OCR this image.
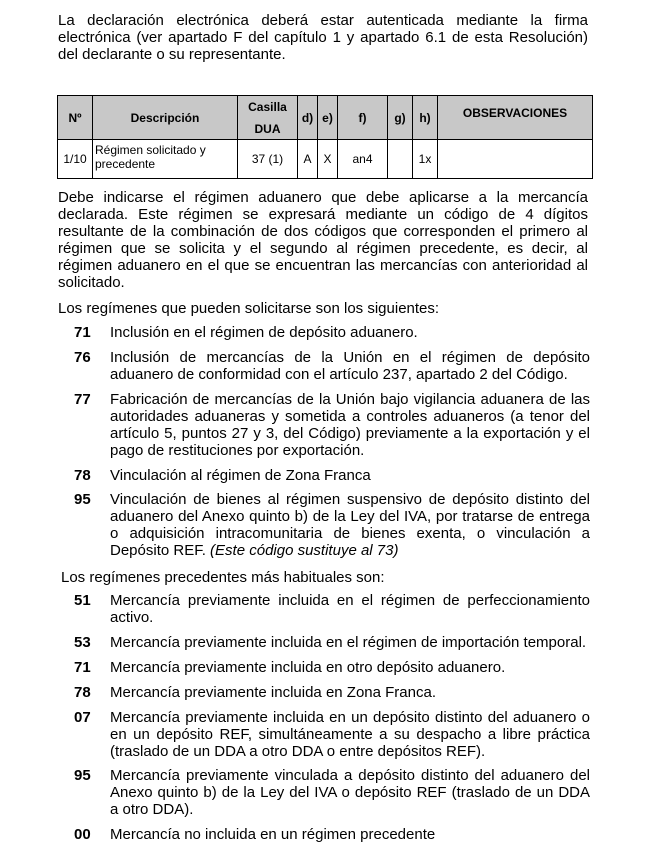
La declaración electrónica deberá estar autenticada mediante la firma
electrónica (ver apartado F del capítulo 1 y apartado 6.1 de esta Resolución)
del declarante o su representante.
Nº	Descripción	Casilla
DUA	d)	e)	f)	g)	h)	OBSERVACIONES
1/10	Régimen solicitado y
precedente	37 (1)	A	X	an4		1x	
Debe indicarse el régimen aduanero que debe aplicarse a la mercancía
declarada. Este régimen se expresará mediante un código de 4 dígitos
resultante de la combinación de dos códigos que corresponden el primero al
régimen que se solicita y el segundo al régimen precedente, es decir, al
régimen aduanero en el que se encuentran las mercancías con anterioridad al
solicitado.
Los regímenes que pueden solicitarse son los siguientes:
71 Inclusión en el régimen de depósito aduanero.
76 Inclusión de mercancías de la Unión en el régimen de depósito
aduanero de conformidad con el artículo 237, apartado 2 del Código.
77 Fabricación de mercancías de la Unión bajo vigilancia aduanera de las
autoridades aduaneras y sometida a controles aduaneros (a tenor del
artículo 5, puntos 27 y 3, del Código) previamente a la exportación y el
pago de restituciones por exportación.
78 Vinculación al régimen de Zona Franca
95 Vinculación de bienes al régimen suspensivo de depósito distinto del
aduanero del Anexo quinto b) de la Ley del IVA, por tratarse de entrega
o adquisición intracomunitaria de bienes exenta, o vinculación a
Depósito REF. (Este código sustituye al 73)
Los regímenes precedentes más habituales son:
51 Mercancía previamente incluida en el régimen de perfeccionamiento
activo.
53 Mercancía previamente incluida en el régimen de importación temporal.
71 Mercancía previamente incluida en otro depósito aduanero.
78 Mercancía previamente incluida en Zona Franca.
07 Mercancía previamente incluida en un depósito distinto del aduanero o
en un depósito REF, simultáneamente a su despacho a libre práctica
(traslado de un DDA a otro DDA o entre depósitos REF).
95 Mercancía previamente vinculada a depósito distinto del aduanero del
Anexo quinto b) de la Ley del IVA o depósito REF (traslado de un DDA
a otro DDA).
00 Mercancía no incluida en un régimen precedente
